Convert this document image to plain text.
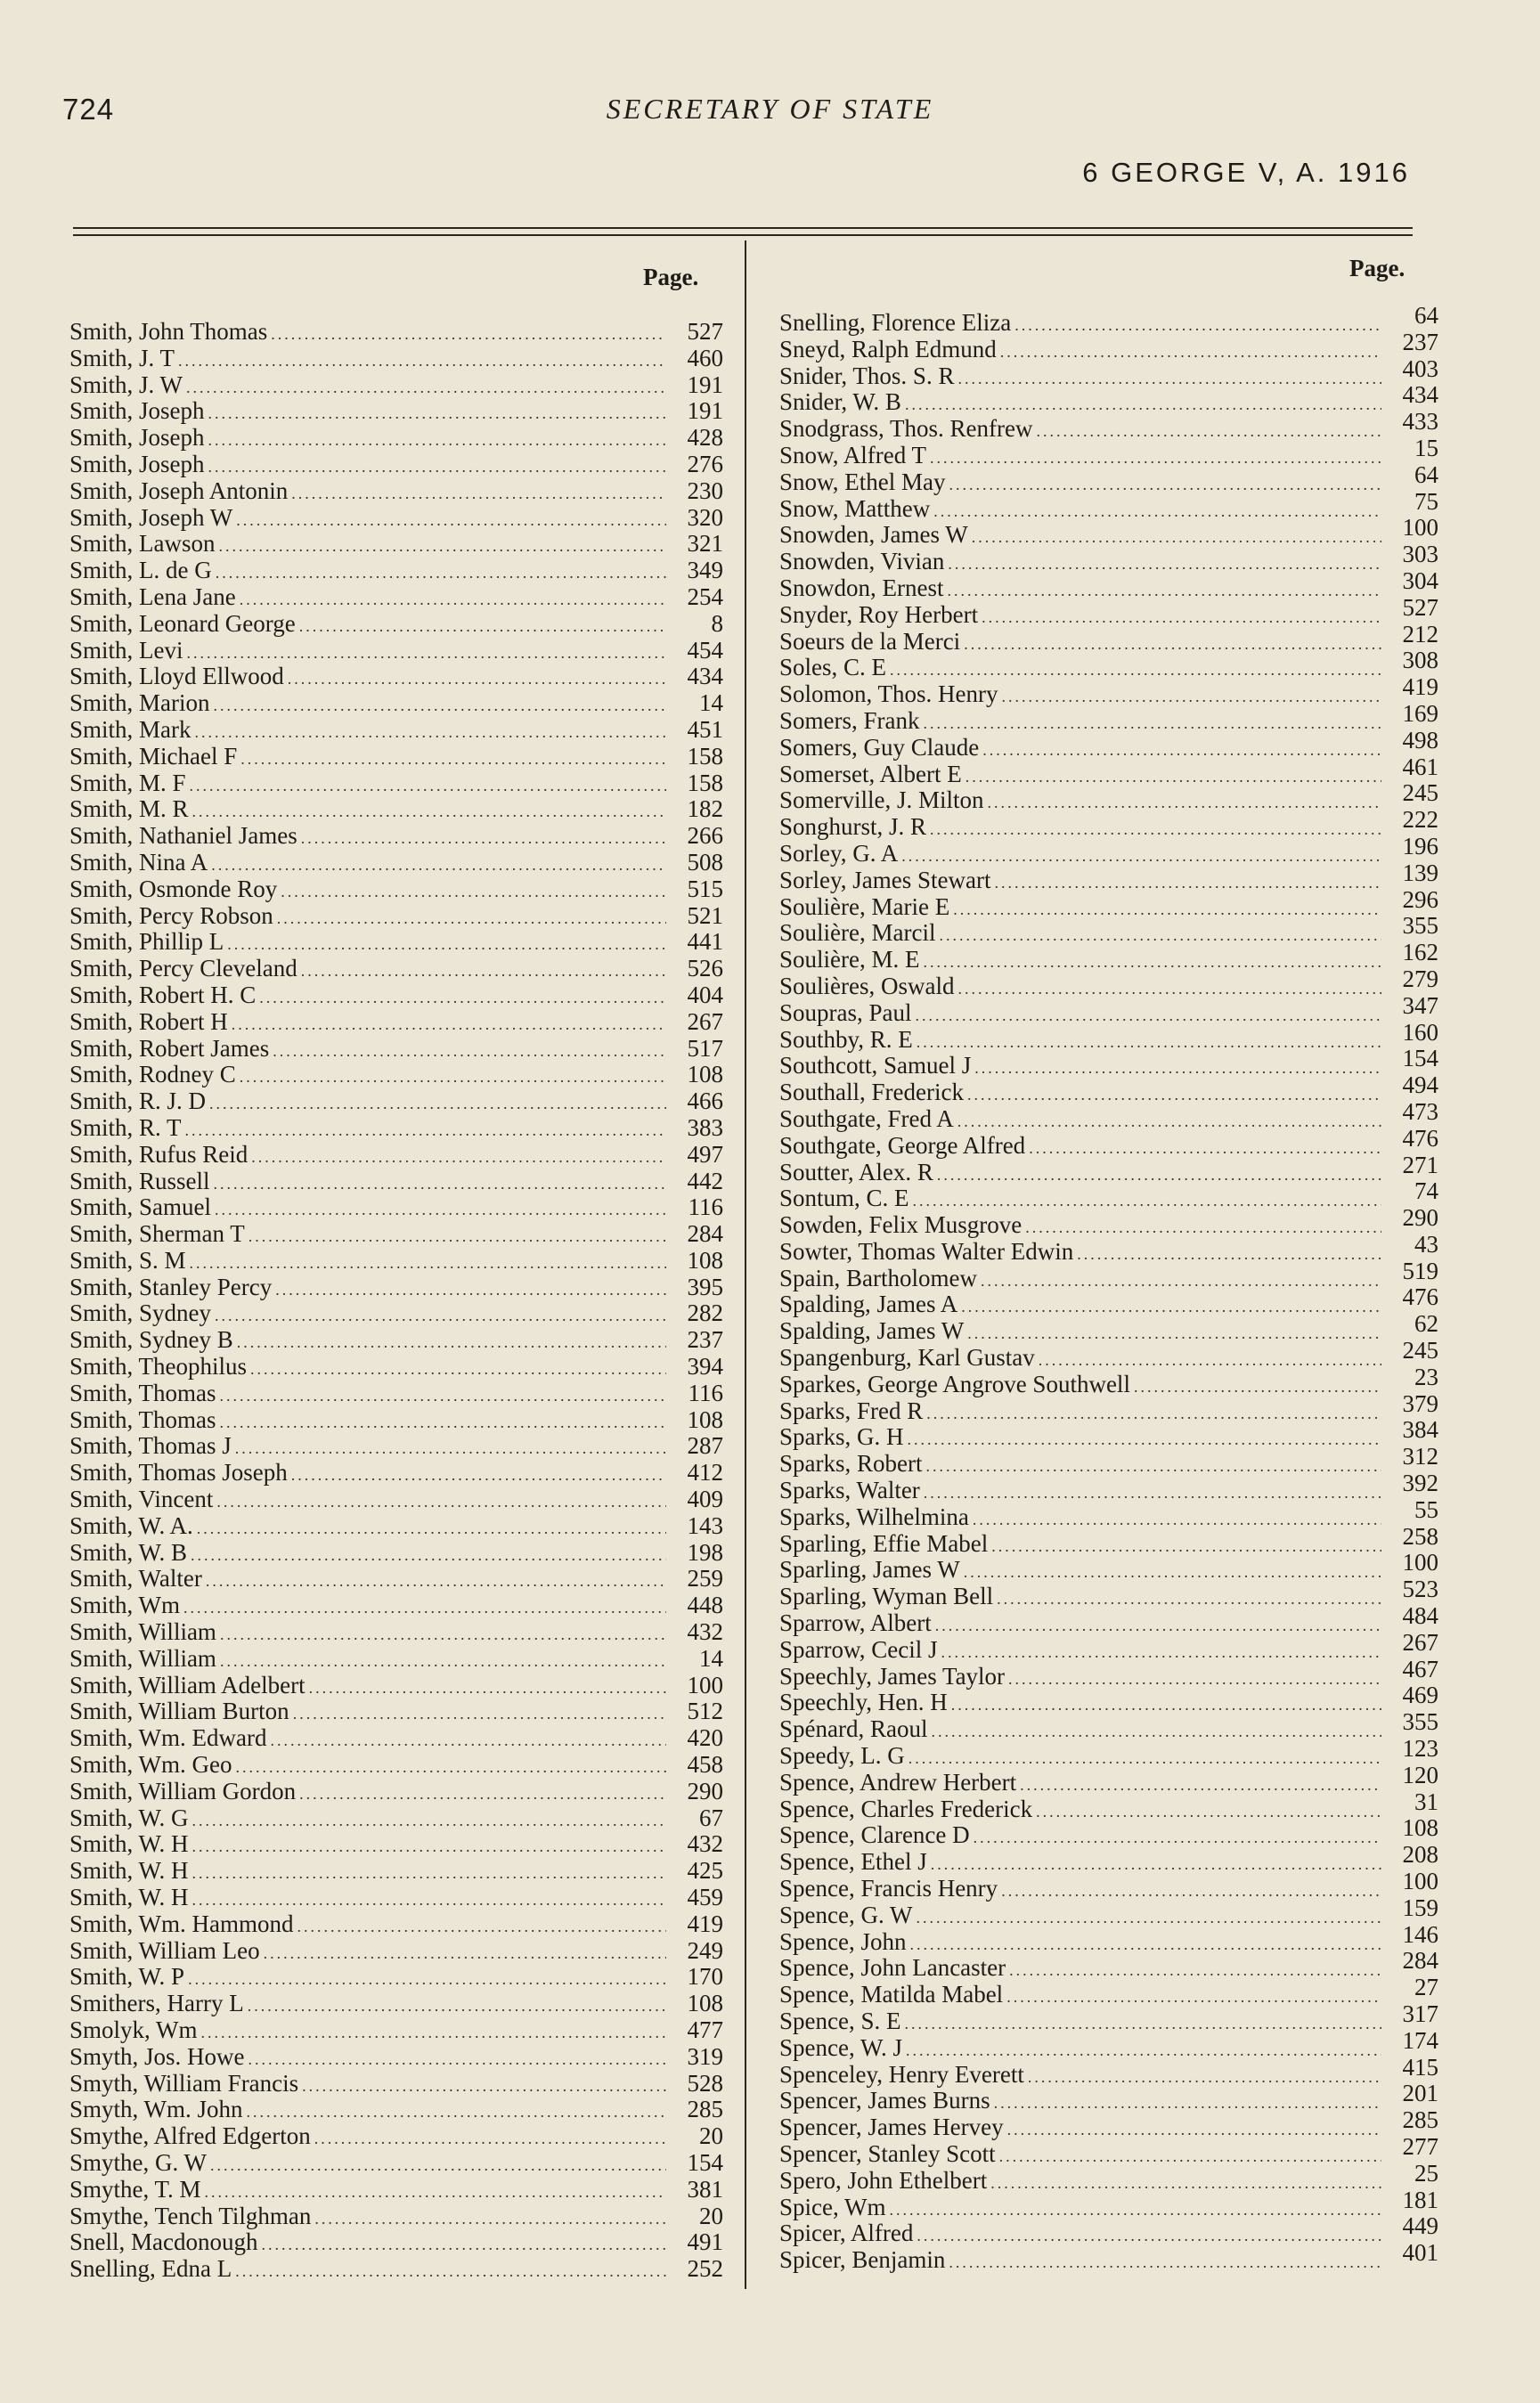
724	SECRETARY OF STATE
6 GEORGE V, A. 1916
Page.	Page.
Smith, John Thomas .....	527
Smith, J. T .....	460
Smith, J. W .....	191
Smith, Joseph .....	191
Smith, Joseph .....	428
Smith, Joseph .....	276
Smith, Joseph Antonin .....	230
Smith, Joseph W .....	320
Smith, Lawson .....	321
Smith, L. de G .....	349
Smith, Lena Jane .....	254
Smith, Leonard George .....	8
Smith, Levi .....	454
Smith, Lloyd Ellwood .....	434
Smith, Marion .....	14
Smith, Mark .....	451
Smith, Michael F .....	158
Smith, M. F .....	158
Smith, M. R .....	182
Smith, Nathaniel James .....	266
Smith, Nina A .....	508
Smith, Osmonde Roy .....	515
Smith, Percy Robson .....	521
Smith, Phillip L .....	441
Smith, Percy Cleveland .....	526
Smith, Robert H. C .....	404
Smith, Robert H .....	267
Smith, Robert James .....	517
Smith, Rodney C .....	108
Smith, R. J. D .....	466
Smith, R. T .....	383
Smith, Rufus Reid .....	497
Smith, Russell .....	442
Smith, Samuel .....	116
Smith, Sherman T .....	284
Smith, S. M .....	108
Smith, Stanley Percy .....	395
Smith, Sydney .....	282
Smith, Sydney B .....	237
Smith, Theophilus .....	394
Smith, Thomas .....	116
Smith, Thomas .....	108
Smith, Thomas J .....	287
Smith, Thomas Joseph .....	412
Smith, Vincent .....	409
Smith, W. A. .....	143
Smith, W. B .....	198
Smith, Walter .....	259
Smith, Wm .....	448
Smith, William .....	432
Smith, William .....	14
Smith, William Adelbert .....	100
Smith, William Burton .....	512
Smith, Wm. Edward .....	420
Smith, Wm. Geo .....	458
Smith, William Gordon .....	290
Smith, W. G .....	67
Smith, W. H .....	432
Smith, W. H .....	425
Smith, W. H .....	459
Smith, Wm. Hammond .....	419
Smith, William Leo .....	249
Smith, W. P .....	170
Smithers, Harry L .....	108
Smolyk, Wm .....	477
Smyth, Jos. Howe .....	319
Smyth, William Francis .....	528
Smyth, Wm. John .....	285
Smythe, Alfred Edgerton .....	20
Smythe, G. W .....	154
Smythe, T. M .....	381
Smythe, Tench Tilghman .....	20
Snell, Macdonough .....	491
Snelling, Edna L .....	252
Snelling, Florence Eliza .....	64
Sneyd, Ralph Edmund .....	237
Snider, Thos. S. R .....	403
Snider, W. B .....	434
Snodgrass, Thos. Renfrew .....	433
Snow, Alfred T .....	15
Snow, Ethel May .....	64
Snow, Matthew .....	75
Snowden, James W .....	100
Snowden, Vivian .....	303
Snowdon, Ernest .....	304
Snyder, Roy Herbert .....	527
Soeurs de la Merci .....	212
Soles, C. E .....	308
Solomon, Thos. Henry .....	419
Somers, Frank .....	169
Somers, Guy Claude .....	498
Somerset, Albert E .....	461
Somerville, J. Milton .....	245
Songhurst, J. R .....	222
Sorley, G. A .....	196
Sorley, James Stewart .....	139
Soulière, Marie E .....	296
Soulière, Marcil .....	355
Soulière, M. E .....	162
Soulières, Oswald .....	279
Soupras, Paul .....	347
Southby, R. E .....	160
Southcott, Samuel J .....	154
Southall, Frederick .....	494
Southgate, Fred A .....	473
Southgate, George Alfred .....	476
Soutter, Alex. R .....	271
Sontum, C. E .....	74
Sowden, Felix Musgrove .....	290
Sowter, Thomas Walter Edwin .....	43
Spain, Bartholomew .....	519
Spalding, James A .....	476
Spalding, James W .....	62
Spangenburg, Karl Gustav .....	245
Sparkes, George Angrove Southwell .....	23
Sparks, Fred R .....	379
Sparks, G. H .....	384
Sparks, Robert .....	312
Sparks, Walter .....	392
Sparks, Wilhelmina .....	55
Sparling, Effie Mabel .....	258
Sparling, James W .....	100
Sparling, Wyman Bell .....	523
Sparrow, Albert .....	484
Sparrow, Cecil J .....	267
Speechly, James Taylor .....	467
Speechly, Hen. H .....	469
Spénard, Raoul .....	355
Speedy, L. G .....	123
Spence, Andrew Herbert .....	120
Spence, Charles Frederick .....	31
Spence, Clarence D .....	108
Spence, Ethel J .....	208
Spence, Francis Henry .....	100
Spence, G. W .....	159
Spence, John .....	146
Spence, John Lancaster .....	284
Spence, Matilda Mabel .....	27
Spence, S. E .....	317
Spence, W. J .....	174
Spenceley, Henry Everett .....	415
Spencer, James Burns .....	201
Spencer, James Hervey .....	285
Spencer, Stanley Scott .....	277
Spero, John Ethelbert .....	25
Spice, Wm .....	181
Spicer, Alfred .....	449
Spicer, Benjamin .....	401
